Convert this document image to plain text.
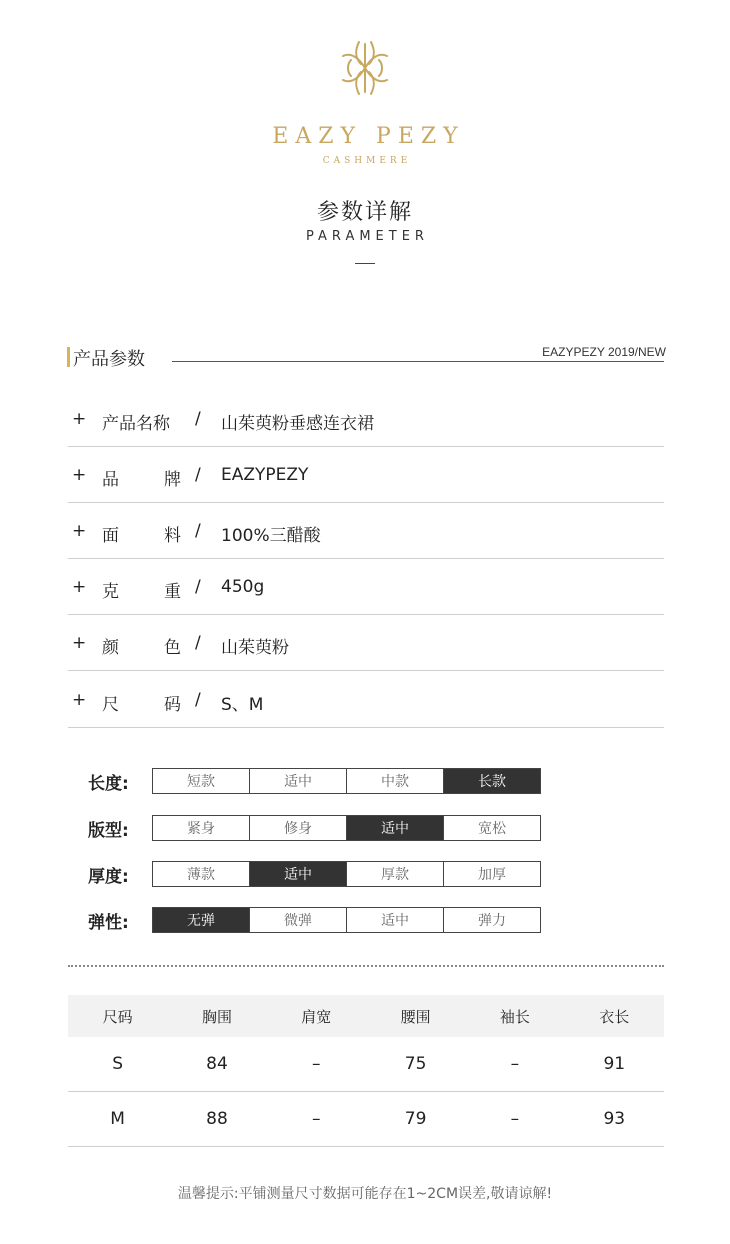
EAZY PEZY
CASHMERE
参数详解
PARAMETER
产品参数	EAZYPEZY 2019/NEW
+ 产品名称 / 山茱萸粉垂感连衣裙
+ 品	牌 / EAZYPEZY
+ 面	料 / 100%三醋酸
+ 克	重 / 450g
+ 颜	色 / 山茱萸粉
+ 尺	码 / S、M
长度:	短款	适中	中款	长款
版型:	紧身	修身	适中	宽松
厚度:	薄款	适中	厚款	加厚
弹性:	无弹	微弹	适中	弹力
尺码	胸围	肩宽	腰围	袖长	衣长
S	84	–	75	–	91
M	88	–	79	–	93
温馨提示:平铺测量尺寸数据可能存在1~2CM误差,敬请谅解!
